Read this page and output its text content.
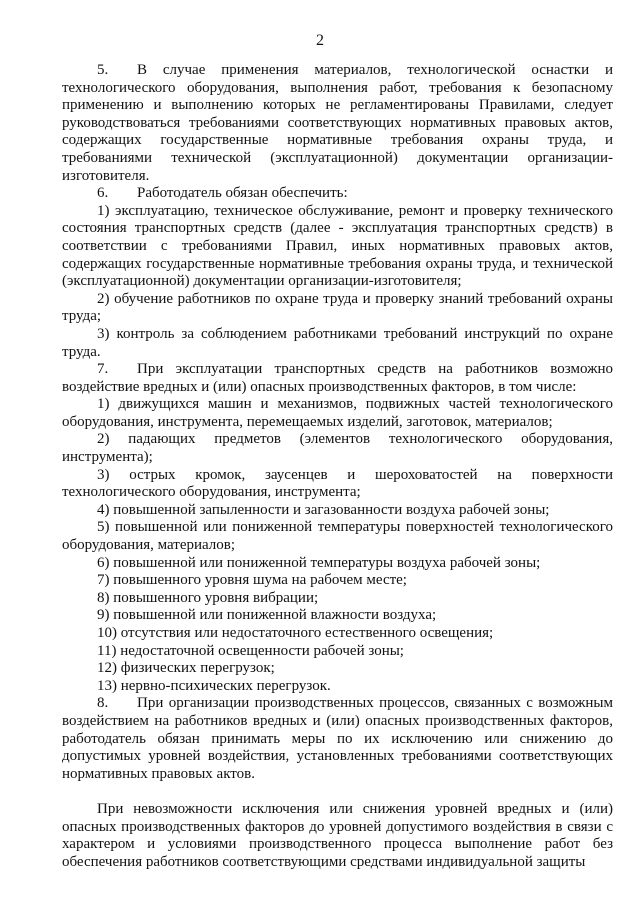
2

5. В случае применения материалов, технологической оснастки и технологического оборудования, выполнения работ, требования к безопасному применению и выполнению которых не регламентированы Правилами, следует руководствоваться требованиями соответствующих нормативных правовых актов, содержащих государственные нормативные требования охраны труда, и требованиями технической (эксплуатационной) документации организации-изготовителя.

6. Работодатель обязан обеспечить:

1) эксплуатацию, техническое обслуживание, ремонт и проверку технического состояния транспортных средств (далее - эксплуатация транспортных средств) в соответствии с требованиями Правил, иных нормативных правовых актов, содержащих государственные нормативные требования охраны труда, и технической (эксплуатационной) документации организации-изготовителя;

2) обучение работников по охране труда и проверку знаний требований охраны труда;

3) контроль за соблюдением работниками требований инструкций по охране труда.

7. При эксплуатации транспортных средств на работников возможно воздействие вредных и (или) опасных производственных факторов, в том числе:

1) движущихся машин и механизмов, подвижных частей технологического оборудования, инструмента, перемещаемых изделий, заготовок, материалов;

2) падающих предметов (элементов технологического оборудования, инструмента);

3) острых кромок, заусенцев и шероховатостей на поверхности технологического оборудования, инструмента;

4) повышенной запыленности и загазованности воздуха рабочей зоны;

5) повышенной или пониженной температуры поверхностей технологического оборудования, материалов;

6) повышенной или пониженной температуры воздуха рабочей зоны;

7) повышенного уровня шума на рабочем месте;

8) повышенного уровня вибрации;

9) повышенной или пониженной влажности воздуха;

10) отсутствия или недостаточного естественного освещения;

11) недостаточной освещенности рабочей зоны;

12) физических перегрузок;

13) нервно-психических перегрузок.

8. При организации производственных процессов, связанных с возможным воздействием на работников вредных и (или) опасных производственных факторов, работодатель обязан принимать меры по их исключению или снижению до допустимых уровней воздействия, установленных требованиями соответствующих нормативных правовых актов.

При невозможности исключения или снижения уровней вредных и (или) опасных производственных факторов до уровней допустимого воздействия в связи с характером и условиями производственного процесса выполнение работ без обеспечения работников соответствующими средствами индивидуальной защиты
